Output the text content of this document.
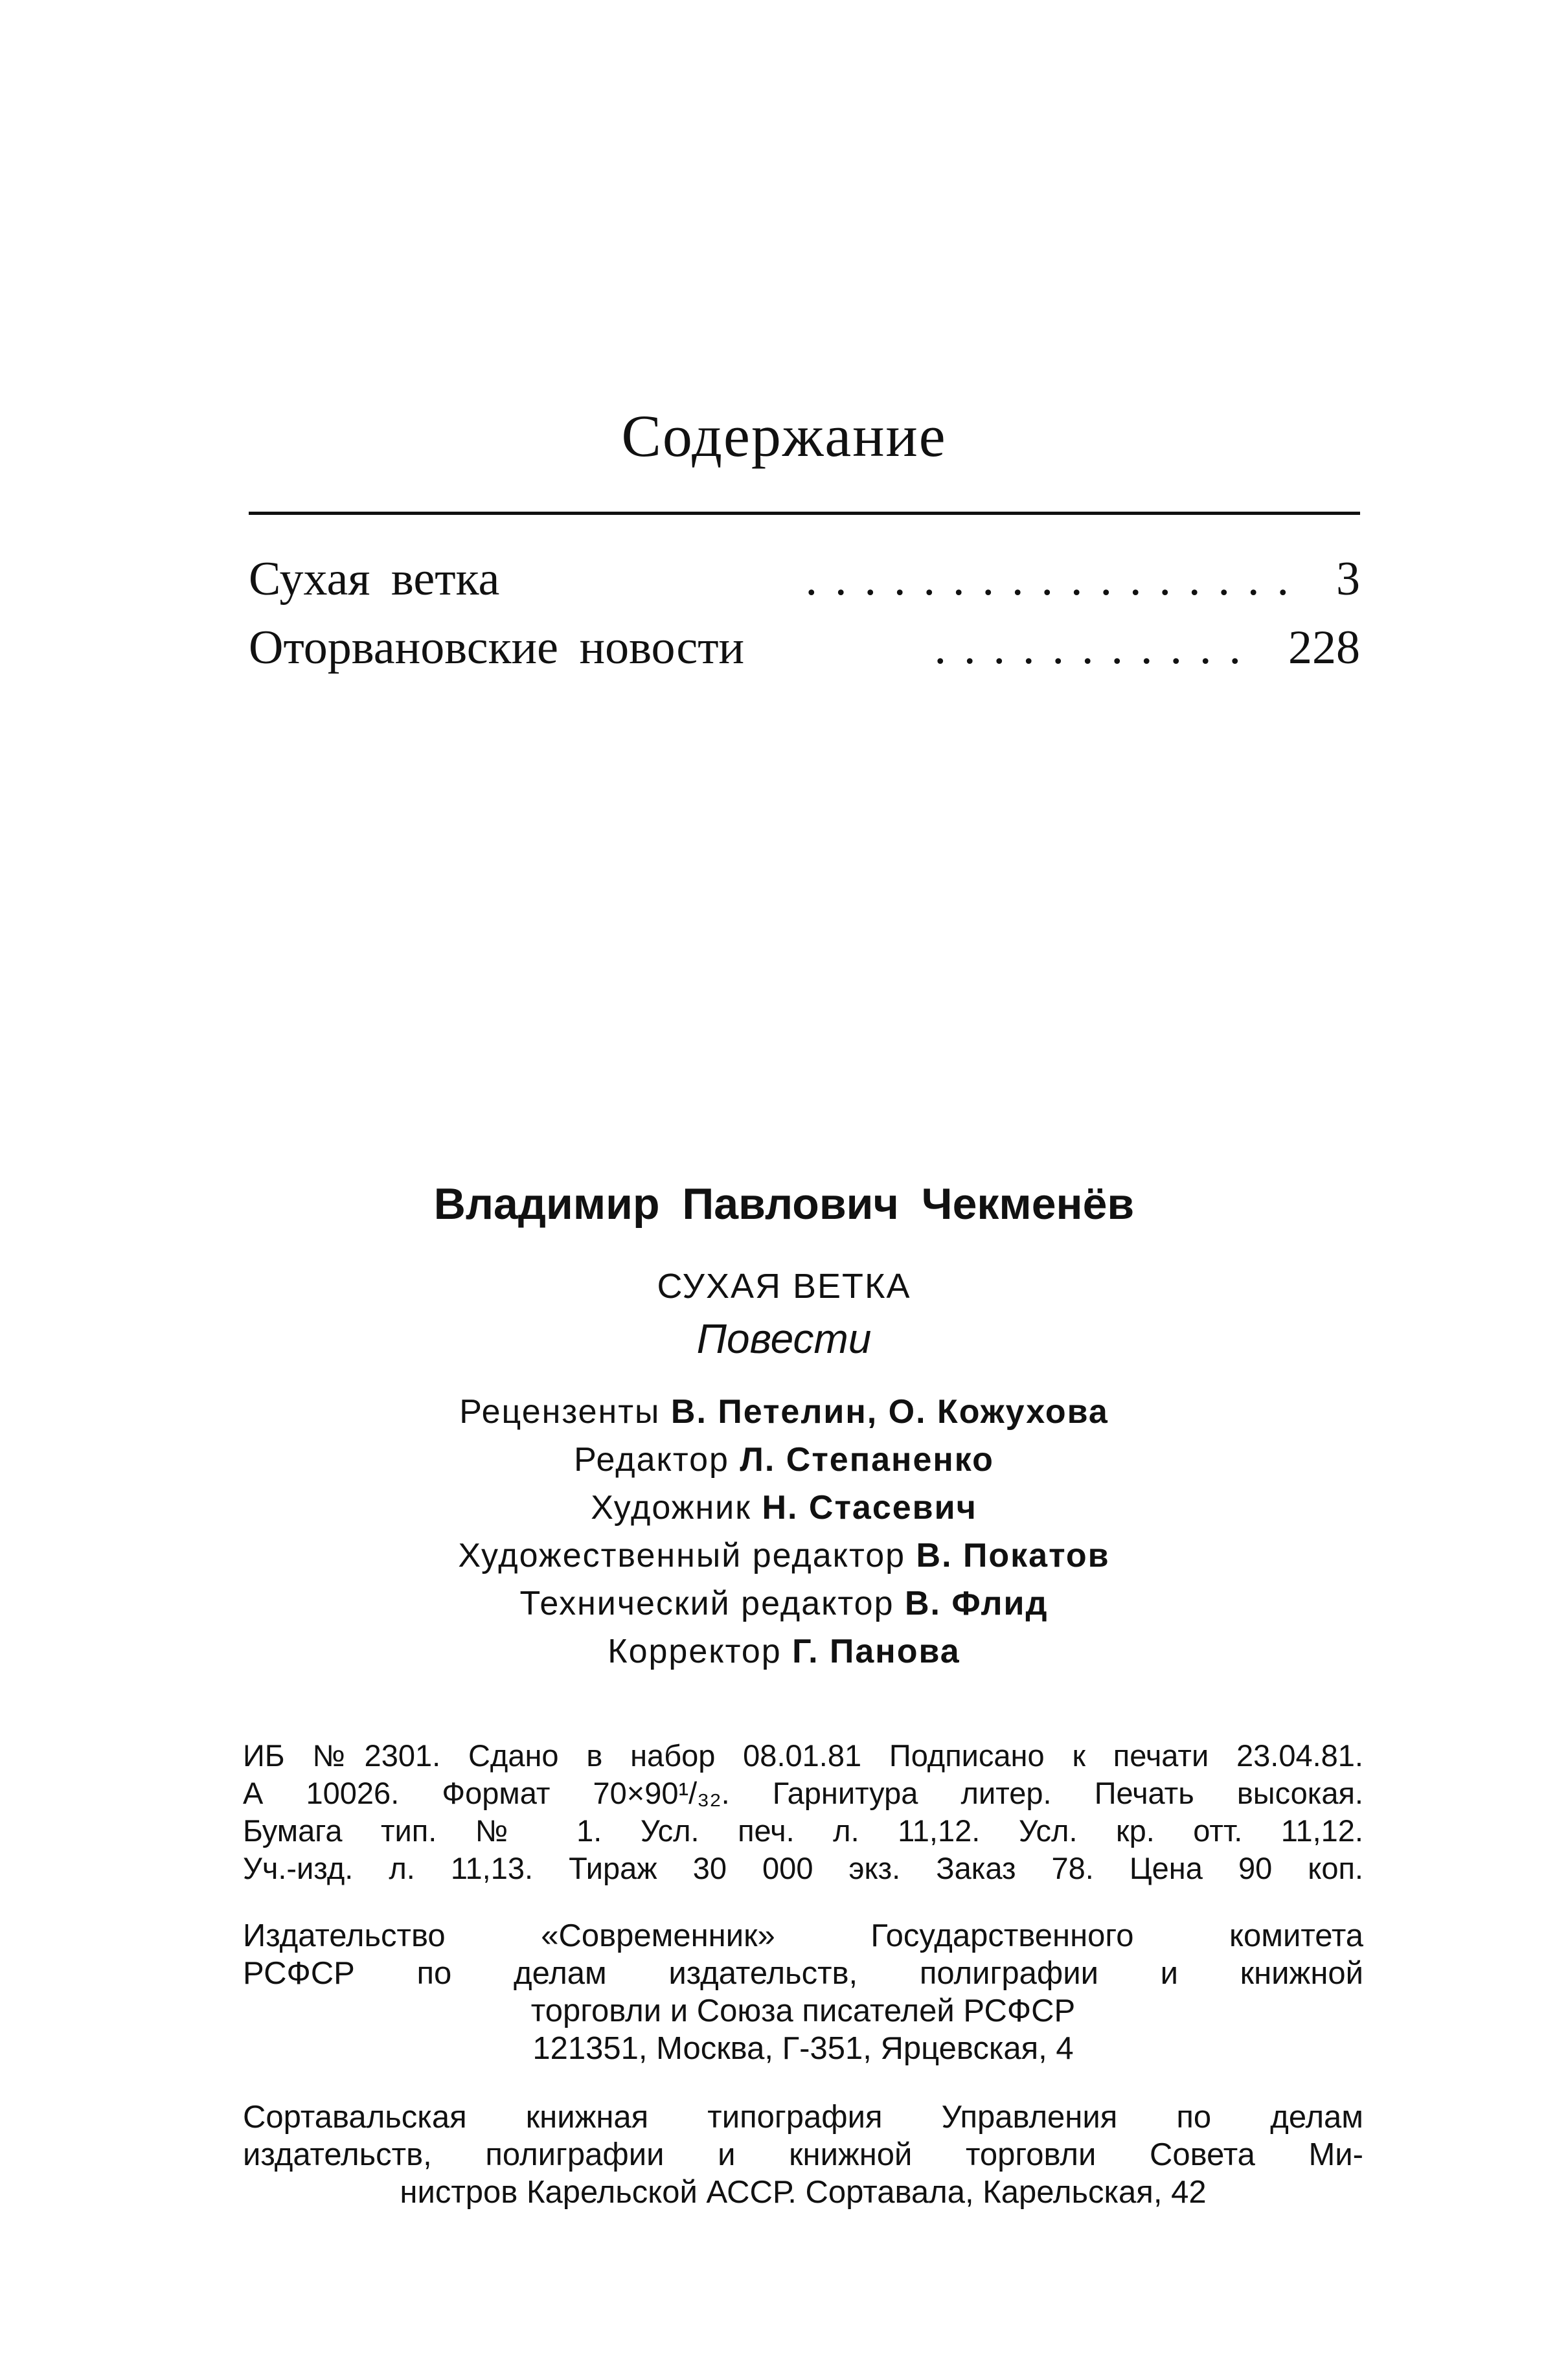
Содержание
Сухая ветка	................. 3
Оторвановские новости	........... 228
Владимир Павлович Чекменёв
СУХАЯ ВЕТКА
Повести
Рецензенты В. Петелин, О. Кожухова
Редактор Л. Степаненко
Художник Н. Стасевич
Художественный редактор В. Покатов
Технический редактор В. Флид
Корректор Г. Панова
ИБ №2301. Сдано в набор 08.01.81 Подписано к печати 23.04.81.
А 10026. Формат 70×90¹/₃₂. Гарнитура литер. Печать высокая.
Бумага тип. № 1. Усл. печ. л. 11,12. Усл. кр. отт. 11,12.
Уч.-изд. л. 11,13. Тираж 30 000 экз. Заказ 78. Цена 90 коп.
Издательство «Современник» Государственного комитета
РСФСР по делам издательств, полиграфии и книжной
торговли и Союза писателей РСФСР
121351, Москва, Г-351, Ярцевская, 4
Сортавальская книжная типография Управления по делам
издательств, полиграфии и книжной торговли Совета Ми-
нистров Карельской АССР. Сортавала, Карельская, 42
